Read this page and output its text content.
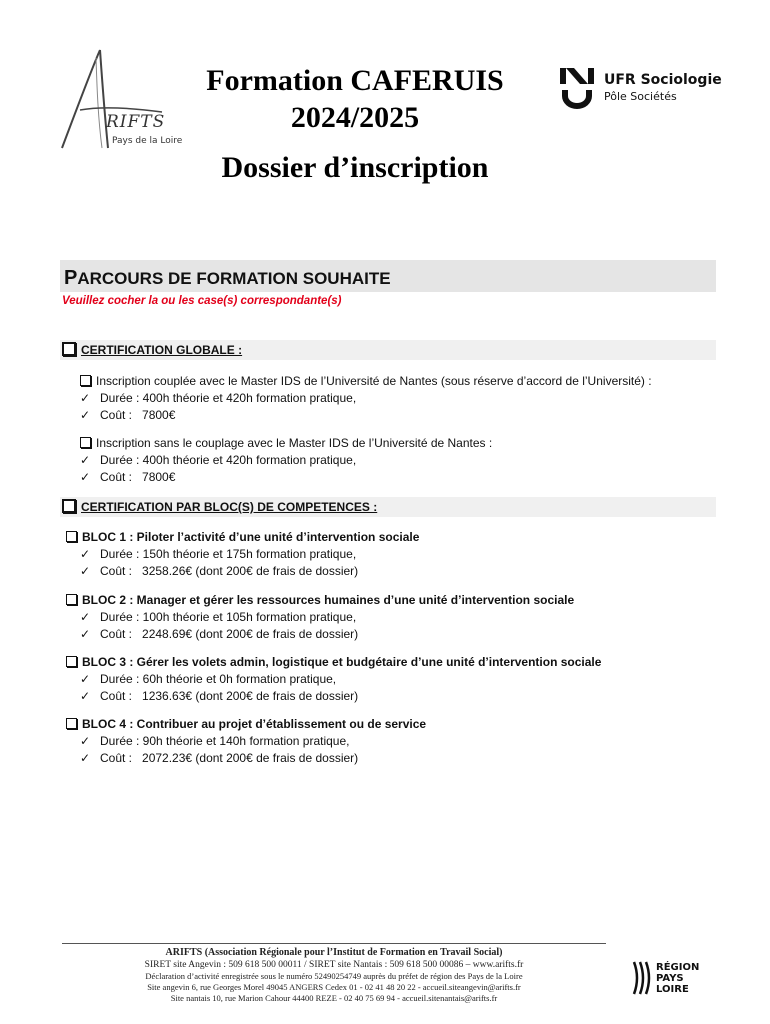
RIFTS
Pays de la Loire
Formation CAFERUIS
2024/2025
Dossier d’inscription
UFR Sociologie
Pôle Sociétés
PARCOURS DE FORMATION SOUHAITE
Veuillez cocher la ou les case(s) correspondante(s)
CERTIFICATION GLOBALE :
Inscription couplée avec le Master IDS de l’Université de Nantes (sous réserve d’accord de l’Université) :
✓ Durée : 400h théorie et 420h formation pratique,
✓ Coût :   7800€
Inscription sans le couplage avec le Master IDS de l’Université de Nantes :
✓ Durée : 400h théorie et 420h formation pratique,
✓ Coût :   7800€
CERTIFICATION PAR BLOC(S) DE COMPETENCES :
BLOC 1 : Piloter l’activité d’une unité d’intervention sociale
✓ Durée : 150h théorie et 175h formation pratique,
✓ Coût :   3258.26€ (dont 200€ de frais de dossier)
BLOC 2 : Manager et gérer les ressources humaines d’une unité d’intervention sociale
✓ Durée : 100h théorie et 105h formation pratique,
✓ Coût :   2248.69€ (dont 200€ de frais de dossier)
BLOC 3 : Gérer les volets admin, logistique et budgétaire d’une unité d’intervention sociale
✓ Durée : 60h théorie et 0h formation pratique,
✓ Coût :   1236.63€ (dont 200€ de frais de dossier)
BLOC 4 : Contribuer au projet d’établissement ou de service
✓ Durée : 90h théorie et 140h formation pratique,
✓ Coût :   2072.23€ (dont 200€ de frais de dossier)
ARIFTS (Association Régionale pour l’Institut de Formation en Travail Social)
SIRET site Angevin : 509 618 500 00011 / SIRET site Nantais : 509 618 500 00086 – www.arifts.fr
Déclaration d’activité enregistrée sous le numéro 52490254749 auprès du préfet de région des Pays de la Loire
Site angevin 6, rue Georges Morel 49045 ANGERS Cedex 01 - 02 41 48 20 22 - accueil.siteangevin@arifts.fr
Site nantais 10, rue Marion Cahour 44400 REZE - 02 40 75 69 94 - accueil.sitenantais@arifts.fr
RÉGION
PAYS
LOIRE
